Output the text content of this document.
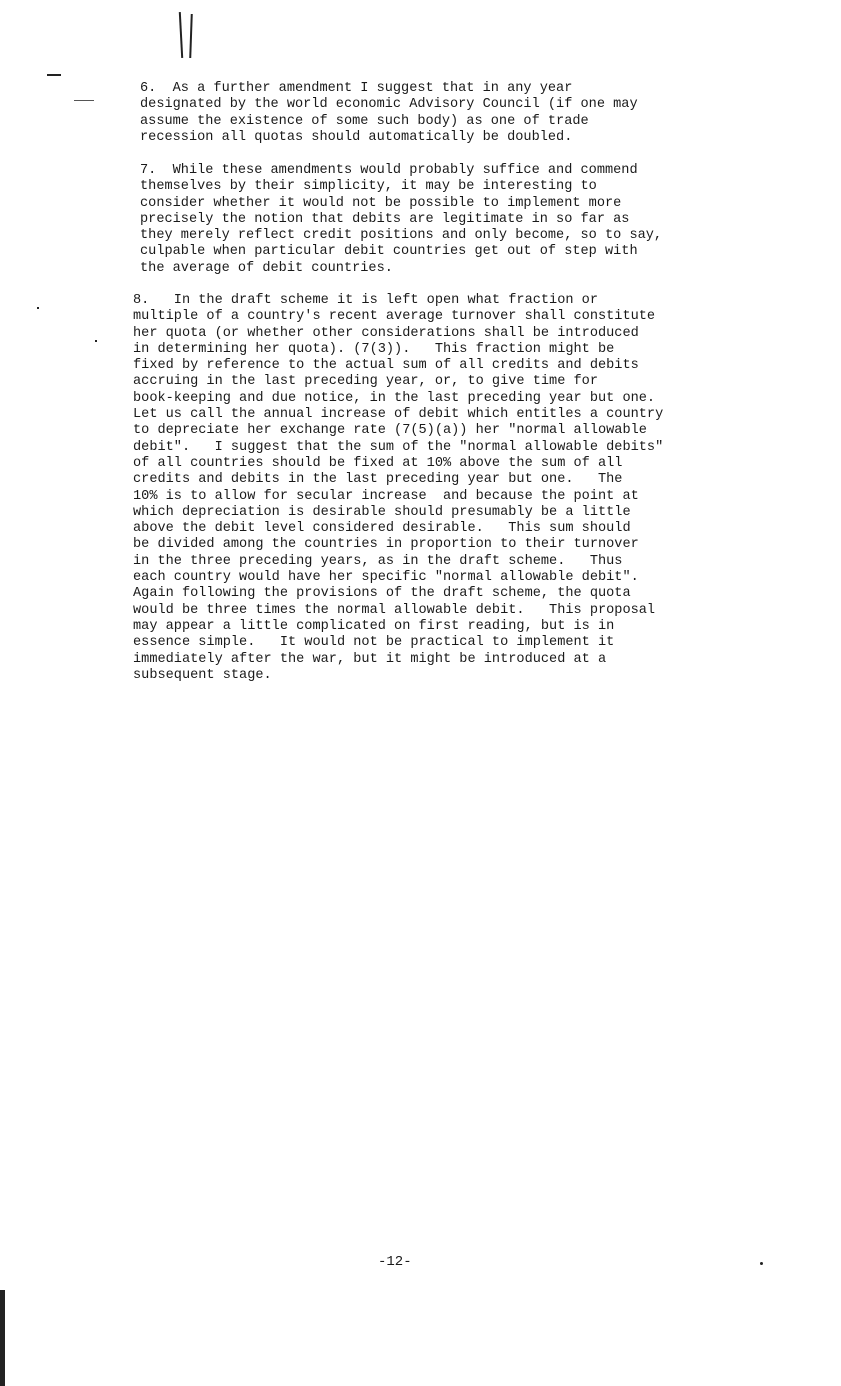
6.  As a further amendment I suggest that in any year
designated by the world economic Advisory Council (if one may
assume the existence of some such body) as one of trade
recession all quotas should automatically be doubled.
7.  While these amendments would probably suffice and commend
themselves by their simplicity, it may be interesting to
consider whether it would not be possible to implement more
precisely the notion that debits are legitimate in so far as
they merely reflect credit positions and only become, so to say,
culpable when particular debit countries get out of step with
the average of debit countries.
8.   In the draft scheme it is left open what fraction or
multiple of a country's recent average turnover shall constitute
her quota (or whether other considerations shall be introduced
in determining her quota). (7(3)).   This fraction might be
fixed by reference to the actual sum of all credits and debits
accruing in the last preceding year, or, to give time for
book-keeping and due notice, in the last preceding year but one.
Let us call the annual increase of debit which entitles a country
to depreciate her exchange rate (7(5)(a)) her "normal allowable
debit".   I suggest that the sum of the "normal allowable debits"
of all countries should be fixed at 10% above the sum of all
credits and debits in the last preceding year but one.   The
10% is to allow for secular increase  and because the point at
which depreciation is desirable should presumably be a little
above the debit level considered desirable.   This sum should
be divided among the countries in proportion to their turnover
in the three preceding years, as in the draft scheme.   Thus
each country would have her specific "normal allowable debit".
Again following the provisions of the draft scheme, the quota
would be three times the normal allowable debit.   This proposal
may appear a little complicated on first reading, but is in
essence simple.   It would not be practical to implement it
immediately after the war, but it might be introduced at a
subsequent stage.
-12-
